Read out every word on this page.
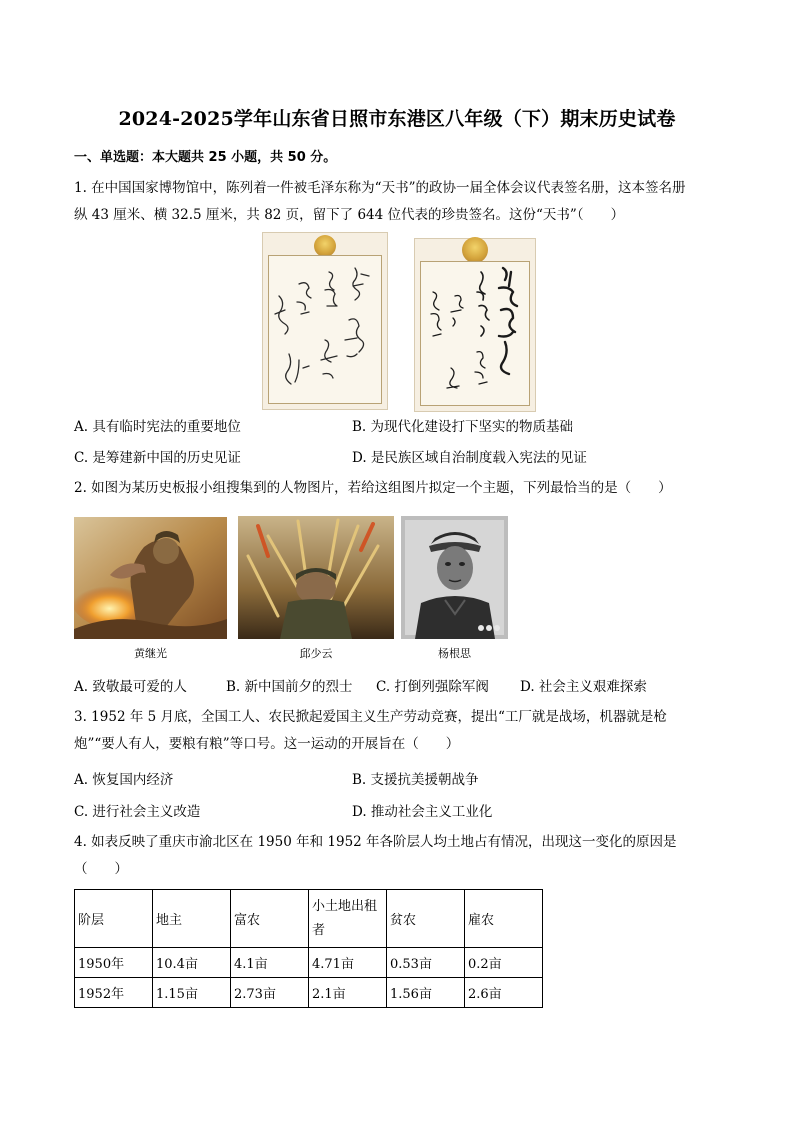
2024-2025学年山东省日照市东港区八年级（下）期末历史试卷
一、单选题：本大题共 25 小题，共 50 分。
1. 在中国国家博物馆中，陈列着一件被毛泽东称为“天书”的政协一届全体会议代表签名册，这本签名册
纵 43 厘米、横 32.5 厘米，共 82 页，留下了 644 位代表的珍贵签名。这份“天书”（　　）
A. 具有临时宪法的重要地位	B. 为现代化建设打下坚实的物质基础
C. 是筹建新中国的历史见证	D. 是民族区域自治制度载入宪法的见证
2. 如图为某历史板报小组搜集到的人物图片，若给这组图片拟定一个主题，下列最恰当的是（　　）
黄继光	邱少云	杨根思
A. 致敬最可爱的人	B. 新中国前夕的烈士 C. 打倒列强除军阀 D. 社会主义艰难探索
3. 1952 年 5 月底，全国工人、农民掀起爱国主义生产劳动竞赛，提出“工厂就是战场，机器就是枪
炮”“要人有人，要粮有粮”等口号。这一运动的开展旨在（　　）
A. 恢复国内经济	B. 支援抗美援朝战争
C. 进行社会主义改造	D. 推动社会主义工业化
4. 如表反映了重庆市渝北区在 1950 年和 1952 年各阶层人均土地占有情况，出现这一变化的原因是
（　　）
阶层	地主	富农	小土地出租者	贫农	雇农
1950年	10.4亩	4.1亩	4.71亩	0.53亩	0.2亩
1952年	1.15亩	2.73亩	2.1亩	1.56亩	2.6亩
